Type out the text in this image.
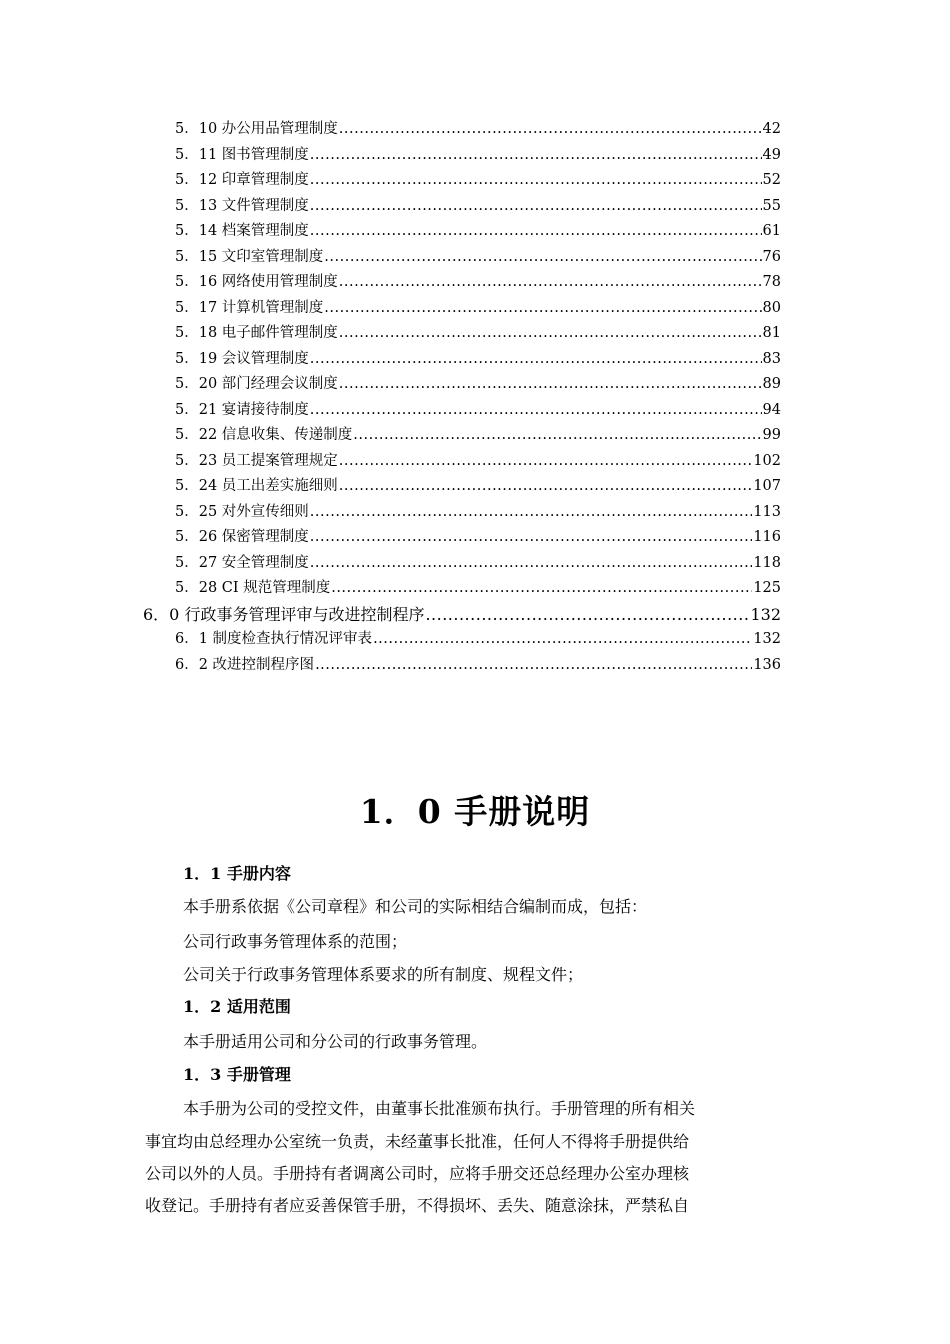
5．10 办公用品管理制度 .....	42
5．11 图书管理制度 .....	49
5．12 印章管理制度 .....	52
5．13 文件管理制度 .....	55
5．14 档案管理制度 .....	61
5．15 文印室管理制度 .....	76
5．16 网络使用管理制度 .....	78
5．17 计算机管理制度 .....	80
5．18 电子邮件管理制度 .....	81
5．19 会议管理制度 .....	83
5．20 部门经理会议制度 .....	89
5．21 宴请接待制度 .....	94
5．22 信息收集、传递制度 .....	99
5．23 员工提案管理规定 .....	102
5．24 员工出差实施细则 .....	107
5．25 对外宣传细则 .....	113
5．26 保密管理制度 .....	116
5．27 安全管理制度 .....	118
5．28 CI 规范管理制度 .....	125
6．0 行政事务管理评审与改进控制程序 .....	132
6．1 制度检查执行情况评审表 .....	132
6．2 改进控制程序图 .....	136
1．0 手册说明
1．1 手册内容
本手册系依据《公司章程》和公司的实际相结合编制而成，包括：
公司行政事务管理体系的范围；
公司关于行政事务管理体系要求的所有制度、规程文件；
1．2 适用范围
本手册适用公司和分公司的行政事务管理。
1．3 手册管理
本手册为公司的受控文件，由董事长批准颁布执行。手册管理的所有相关
事宜均由总经理办公室统一负责，未经董事长批准，任何人不得将手册提供给
公司以外的人员。手册持有者调离公司时，应将手册交还总经理办公室办理核
收登记。手册持有者应妥善保管手册，不得损坏、丢失、随意涂抹，严禁私自
